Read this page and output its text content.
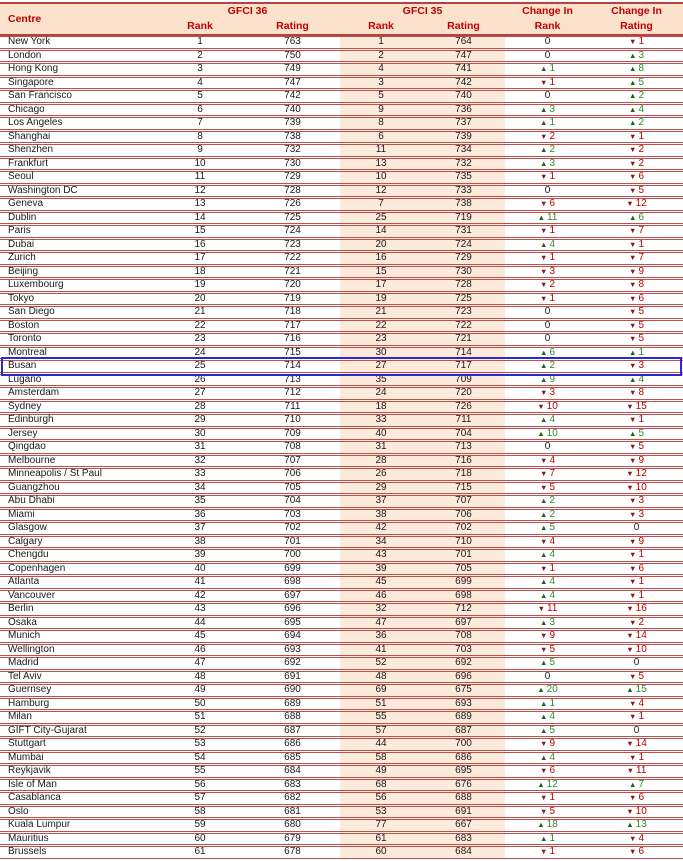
Centre
GFCI 36	GFCI 35	Change In	Change In
Rank	Rating	Rank	Rating	Rank	Rating
New York	1	763	1	764	0	▼ 1
London	2	750	2	747	0	▲ 3
Hong Kong	3	749	4	741	▲ 1	▲ 8
Singapore	4	747	3	742	▼ 1	▲ 5
San Francisco	5	742	5	740	0	▲ 2
Chicago	6	740	9	736	▲ 3	▲ 4
Los Angeles	7	739	8	737	▲ 1	▲ 2
Shanghai	8	738	6	739	▼ 2	▼ 1
Shenzhen	9	732	11	734	▲ 2	▼ 2
Frankfurt	10	730	13	732	▲ 3	▼ 2
Seoul	11	729	10	735	▼ 1	▼ 6
Washington DC	12	728	12	733	0	▼ 5
Geneva	13	726	7	738	▼ 6	▼ 12
Dublin	14	725	25	719	▲ 11	▲ 6
Paris	15	724	14	731	▼ 1	▼ 7
Dubai	16	723	20	724	▲ 4	▼ 1
Zurich	17	722	16	729	▼ 1	▼ 7
Beijing	18	721	15	730	▼ 3	▼ 9
Luxembourg	19	720	17	728	▼ 2	▼ 8
Tokyo	20	719	19	725	▼ 1	▼ 6
San Diego	21	718	21	723	0	▼ 5
Boston	22	717	22	722	0	▼ 5
Toronto	23	716	23	721	0	▼ 5
Montreal	24	715	30	714	▲ 6	▲ 1
Busan	25	714	27	717	▲ 2	▼ 3
Lugano	26	713	35	709	▲ 9	▲ 4
Amsterdam	27	712	24	720	▼ 3	▼ 8
Sydney	28	711	18	726	▼ 10	▼ 15
Edinburgh	29	710	33	711	▲ 4	▼ 1
Jersey	30	709	40	704	▲ 10	▲ 5
Qingdao	31	708	31	713	0	▼ 5
Melbourne	32	707	28	716	▼ 4	▼ 9
Minneapolis / St Paul	33	706	26	718	▼ 7	▼ 12
Guangzhou	34	705	29	715	▼ 5	▼ 10
Abu Dhabi	35	704	37	707	▲ 2	▼ 3
Miami	36	703	38	706	▲ 2	▼ 3
Glasgow	37	702	42	702	▲ 5	0
Calgary	38	701	34	710	▼ 4	▼ 9
Chengdu	39	700	43	701	▲ 4	▼ 1
Copenhagen	40	699	39	705	▼ 1	▼ 6
Atlanta	41	698	45	699	▲ 4	▼ 1
Vancouver	42	697	46	698	▲ 4	▼ 1
Berlin	43	696	32	712	▼ 11	▼ 16
Osaka	44	695	47	697	▲ 3	▼ 2
Munich	45	694	36	708	▼ 9	▼ 14
Wellington	46	693	41	703	▼ 5	▼ 10
Madrid	47	692	52	692	▲ 5	0
Tel Aviv	48	691	48	696	0	▼ 5
Guernsey	49	690	69	675	▲ 20	▲ 15
Hamburg	50	689	51	693	▲ 1	▼ 4
Milan	51	688	55	689	▲ 4	▼ 1
GIFT City-Gujarat	52	687	57	687	▲ 5	0
Stuttgart	53	686	44	700	▼ 9	▼ 14
Mumbai	54	685	58	686	▲ 4	▼ 1
Reykjavik	55	684	49	695	▼ 6	▼ 11
Isle of Man	56	683	68	676	▲ 12	▲ 7
Casablanca	57	682	56	688	▼ 1	▼ 6
Oslo	58	681	53	691	▼ 5	▼ 10
Kuala Lumpur	59	680	77	667	▲ 18	▲ 13
Mauritius	60	679	61	683	▲ 1	▼ 4
Brussels	61	678	60	684	▼ 1	▼ 6
